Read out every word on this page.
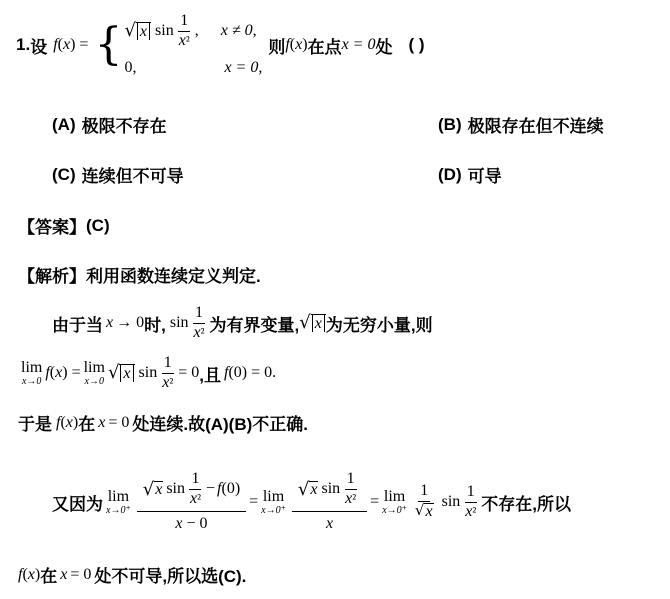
1. 设 f ( x ) = { √ x $\sin \frac{1}{\text{x²}}$ , x ≠ 0,
0,	x = 0,
则 f ( x ) 在点 x = 0 处 ( )
(A) 极限不存在	(B) 极限存在但不连续
(C) 连续但不可导	(D) 可导
【答案】 (C)
【解析】 利用函数连续定义判定.
由于当 x → 0 时, $\sin \frac{1}{\text{x²}}$ 为有界变量, √ x 为无穷小量,则
lim
x→0
f ( x ) = lim
x→0 √ x $\sin \frac{1}{\text{x²}} = 0$ ,且 f (0) = 0 .
于是 f ( x ) 在 x = 0 处连续.故(A)(B)不正确.
又因为 lim
$x\to 0^+ \frac{√ x \sin \frac{1}{\text{x²}} - f (0)}{x - 0} = \lim$
$x\to 0^+ \frac{√ x \sin \frac{1}{\text{x²}}}{x} = \lim$
$x\to 0^+ \frac{1}{√ x}$ $\sin \frac{1}{\text{x²}}$ 不存在,所以
f ( x ) 在 x = 0 处不可导,所以选(C).
